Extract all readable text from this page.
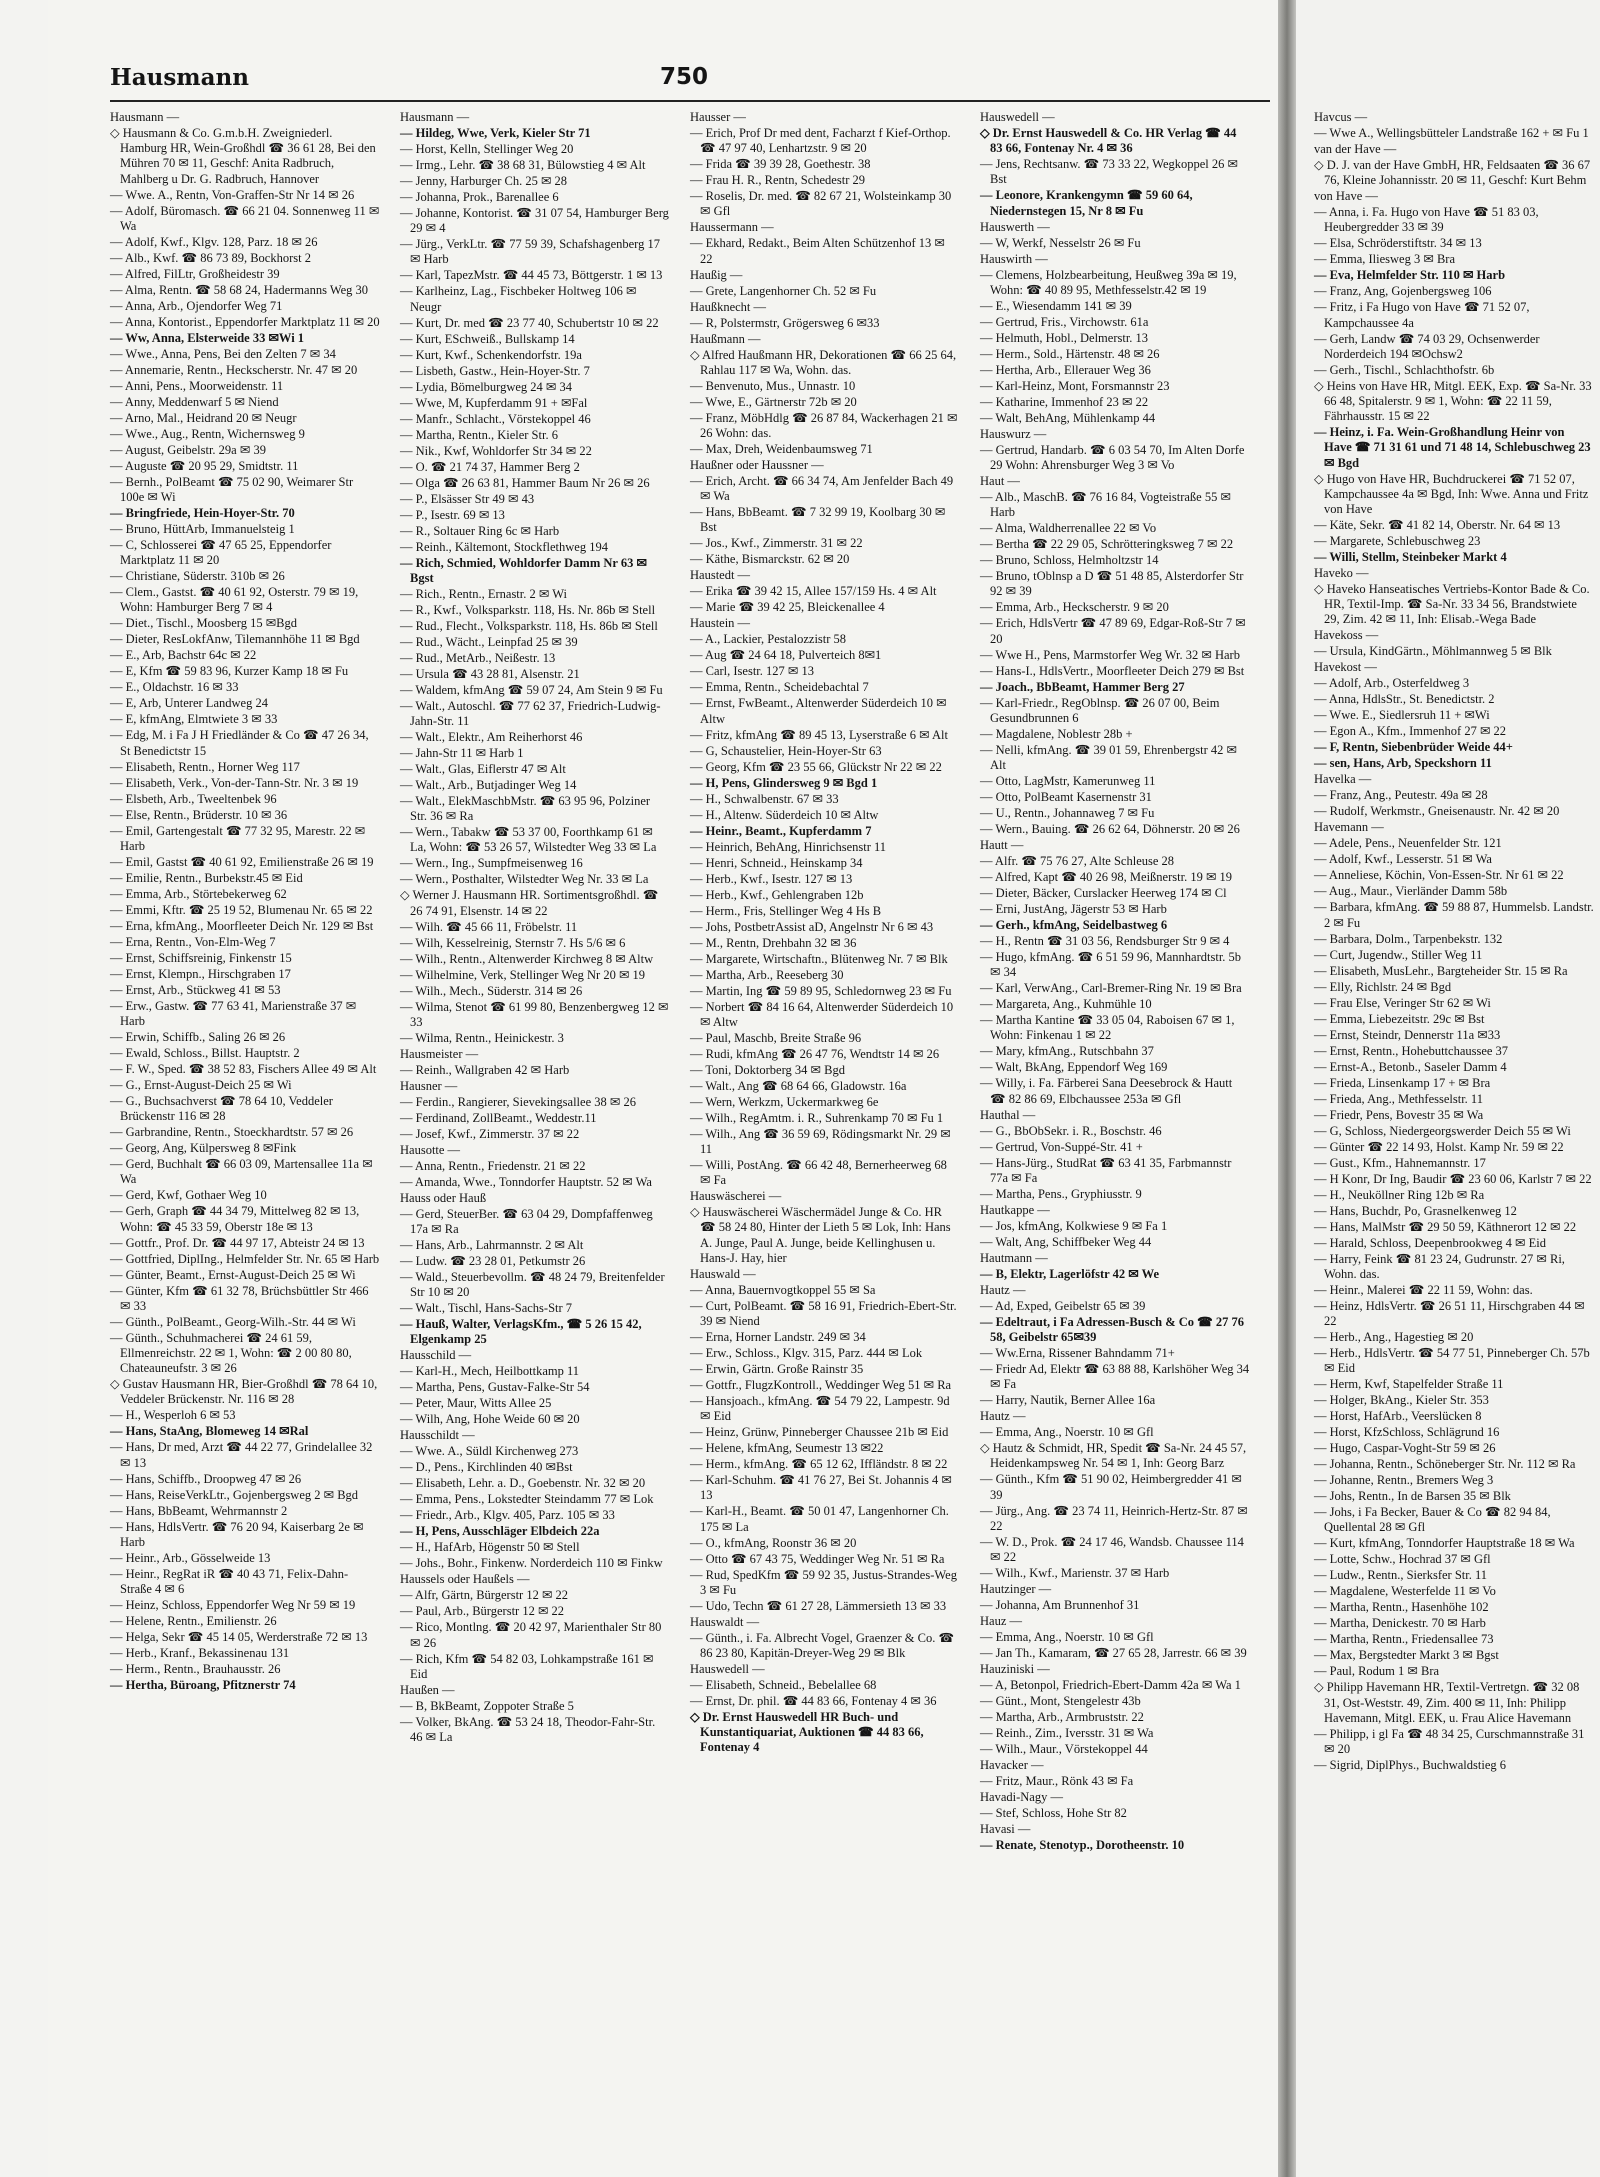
Hausmann	750
Hausmann —
◇ Hausmann & Co. G.m.b.H. Zweigniederl. Hamburg HR, Wein-Großhdl ☎ 36 61 28, Bei den Mühren 70 ✉ 11, Geschf: Anita Radbruch, Mahlberg u Dr. G. Radbruch, Hannover
— Wwe. A., Rentn, Von-Graffen-Str Nr 14 ✉ 26
— Adolf, Büromasch. ☎ 66 21 04. Sonnenweg 11 ✉ Wa
— Adolf, Kwf., Klgv. 128, Parz. 18 ✉ 26
— Alb., Kwf. ☎ 86 73 89, Bockhorst 2
— Alfred, FilLtr, Großheidestr 39
— Alma, Rentn. ☎ 58 68 24, Hadermanns Weg 30
— Anna, Arb., Ojendorfer Weg 71
— Anna, Kontorist., Eppendorfer Marktplatz 11 ✉ 20
— Ww, Anna, Elsterweide 33 ✉Wi 1
— Wwe., Anna, Pens, Bei den Zelten 7 ✉ 34
— Annemarie, Rentn., Heckscherstr. Nr. 47 ✉ 20
— Anni, Pens., Moorweidenstr. 11
— Anny, Meddenwarf 5 ✉ Niend
— Arno, Mal., Heidrand 20 ✉ Neugr
— Wwe., Aug., Rentn, Wichernsweg 9
— August, Geibelstr. 29a ✉ 39
— Auguste ☎ 20 95 29, Smidtstr. 11
— Bernh., PolBeamt ☎ 75 02 90, Weimarer Str 100e ✉ Wi
— Bringfriede, Hein-Hoyer-Str. 70
— Bruno, HüttArb, Immanuelsteig 1
— C, Schlosserei ☎ 47 65 25, Eppendorfer Marktplatz 11 ✉ 20
— Christiane, Süderstr. 310b ✉ 26
— Clem., Gastst. ☎ 40 61 92, Osterstr. 79 ✉ 19, Wohn: Hamburger Berg 7 ✉ 4
— Diet., Tischl., Moosberg 15 ✉Bgd
— Dieter, ResLokfAnw, Tilemannhöhe 11 ✉ Bgd
— E., Arb, Bachstr 64c ✉ 22
— E, Kfm ☎ 59 83 96, Kurzer Kamp 18 ✉ Fu
— E., Oldachstr. 16 ✉ 33
— E, Arb, Unterer Landweg 24
— E, kfmAng, Elmtwiete 3 ✉ 33
— Edg, M. i Fa J H Friedländer & Co ☎ 47 26 34, St Benedictstr 15
— Elisabeth, Rentn., Horner Weg 117
— Elisabeth, Verk., Von-der-Tann-Str. Nr. 3 ✉ 19
— Elsbeth, Arb., Tweeltenbek 96
— Else, Rentn., Brüderstr. 10 ✉ 36
— Emil, Gartengestalt ☎ 77 32 95, Marestr. 22 ✉ Harb
— Emil, Gastst ☎ 40 61 92, Emilienstraße 26 ✉ 19
— Emilie, Rentn., Burbekstr.45 ✉ Eid
— Emma, Arb., Störtebekerweg 62
— Emmi, Kftr. ☎ 25 19 52, Blumenau Nr. 65 ✉ 22
— Erna, kfmAng., Moorfleeter Deich Nr. 129 ✉ Bst
— Erna, Rentn., Von-Elm-Weg 7
— Ernst, Schiffsreinig, Finkenstr 15
— Ernst, Klempn., Hirschgraben 17
— Ernst, Arb., Stückweg 41 ✉ 53
— Erw., Gastw. ☎ 77 63 41, Marienstraße 37 ✉ Harb
— Erwin, Schiffb., Saling 26 ✉ 26
— Ewald, Schloss., Billst. Hauptstr. 2
— F. W., Sped. ☎ 38 52 83, Fischers Allee 49 ✉ Alt
— G., Ernst-August-Deich 25 ✉ Wi
— G., Buchsachverst ☎ 78 64 10, Veddeler Brückenstr 116 ✉ 28
— Garbrandine, Rentn., Stoeckhardtstr. 57 ✉ 26
— Georg, Ang, Külpersweg 8 ✉Fink
— Gerd, Buchhalt ☎ 66 03 09, Martensallee 11a ✉ Wa
— Gerd, Kwf, Gothaer Weg 10
— Gerh, Graph ☎ 44 34 79, Mittelweg 82 ✉ 13, Wohn: ☎ 45 33 59, Oberstr 18e ✉ 13
— Gottfr., Prof. Dr. ☎ 44 97 17, Abteistr 24 ✉ 13
— Gottfried, DiplIng., Helmfelder Str. Nr. 65 ✉ Harb
— Günter, Beamt., Ernst-August-Deich 25 ✉ Wi
— Günter, Kfm ☎ 61 32 78, Brüchsbüttler Str 466 ✉ 33
— Günth., PolBeamt., Georg-Wilh.-Str. 44 ✉ Wi
— Günth., Schuhmacherei ☎ 24 61 59, Ellmenreichstr. 22 ✉ 1, Wohn: ☎ 2 00 80 80, Chateauneufstr. 3 ✉ 26
◇ Gustav Hausmann HR, Bier-Großhdl ☎ 78 64 10, Veddeler Brückenstr. Nr. 116 ✉ 28
— H., Wesperloh 6 ✉ 53
— Hans, StaAng, Blomeweg 14 ✉Ral
— Hans, Dr med, Arzt ☎ 44 22 77, Grindelallee 32 ✉ 13
— Hans, Schiffb., Droopweg 47 ✉ 26
— Hans, ReiseVerkLtr., Gojenbergsweg 2 ✉ Bgd
— Hans, BbBeamt, Wehrmannstr 2
— Hans, HdlsVertr. ☎ 76 20 94, Kaiserbarg 2e ✉ Harb
— Heinr., Arb., Gösselweide 13
— Heinr., RegRat iR ☎ 40 43 71, Felix-Dahn-Straße 4 ✉ 6
— Heinz, Schloss, Eppendorfer Weg Nr 59 ✉ 19
— Helene, Rentn., Emilienstr. 26
— Helga, Sekr ☎ 45 14 05, Werderstraße 72 ✉ 13
— Herb., Kranf., Bekassinenau 131
— Herm., Rentn., Brauhausstr. 26
— Hertha, Büroang, Pfitznerstr 74
Hausmann —
— Hildeg, Wwe, Verk, Kieler Str 71
— Horst, Kelln, Stellinger Weg 20
— Irmg., Lehr. ☎ 38 68 31, Bülowstieg 4 ✉ Alt
— Jenny, Harburger Ch. 25 ✉ 28
— Johanna, Prok., Barenallee 6
— Johanne, Kontorist. ☎ 31 07 54, Hamburger Berg 29 ✉ 4
— Jürg., VerkLtr. ☎ 77 59 39, Schafshagenberg 17 ✉ Harb
— Karl, TapezMstr. ☎ 44 45 73, Böttgerstr. 1 ✉ 13
— Karlheinz, Lag., Fischbeker Holtweg 106 ✉ Neugr
— Kurt, Dr. med ☎ 23 77 40, Schubertstr 10 ✉ 22
— Kurt, ESchweiß., Bullskamp 14
— Kurt, Kwf., Schenkendorfstr. 19a
— Lisbeth, Gastw., Hein-Hoyer-Str. 7
— Lydia, Bömelburgweg 24 ✉ 34
— Wwe, M, Kupferdamm 91 + ✉Fal
— Manfr., Schlacht., Vörstekoppel 46
— Martha, Rentn., Kieler Str. 6
— Nik., Kwf, Wohldorfer Str 34 ✉ 22
— O. ☎ 21 74 37, Hammer Berg 2
— Olga ☎ 26 63 81, Hammer Baum Nr 26 ✉ 26
— P., Elsässer Str 49 ✉ 43
— P., Isestr. 69 ✉ 13
— R., Soltauer Ring 6c ✉ Harb
— Reinh., Kältemont, Stockflethweg 194
— Rich, Schmied, Wohldorfer Damm Nr 63 ✉ Bgst
— Rich., Rentn., Ernastr. 2 ✉ Wi
— R., Kwf., Volksparkstr. 118, Hs. Nr. 86b ✉ Stell
— Rud., Flecht., Volksparkstr. 118, Hs. 86b ✉ Stell
— Rud., Wächt., Leinpfad 25 ✉ 39
— Rud., MetArb., Neißestr. 13
— Ursula ☎ 43 28 81, Alsenstr. 21
— Waldem, kfmAng ☎ 59 07 24, Am Stein 9 ✉ Fu
— Walt., Autoschl. ☎ 77 62 37, Friedrich-Ludwig-Jahn-Str. 11
— Walt., Elektr., Am Reiherhorst 46
— Jahn-Str 11 ✉ Harb 1
— Walt., Glas, Eiflerstr 47 ✉ Alt
— Walt., Arb., Butjadinger Weg 14
— Walt., ElekMaschbMstr. ☎ 63 95 96, Polziner Str. 36 ✉ Ra
— Wern., Tabakw ☎ 53 37 00, Foorthkamp 61 ✉ La, Wohn: ☎ 53 26 57, Wilstedter Weg 33 ✉ La
— Wern., Ing., Sumpfmeisenweg 16
— Wern., Posthalter, Wilstedter Weg Nr. 33 ✉ La
◇ Werner J. Hausmann HR. Sortimentsgroßhdl. ☎ 26 74 91, Elsenstr. 14 ✉ 22
— Wilh. ☎ 45 66 11, Fröbelstr. 11
— Wilh, Kesselreinig, Sternstr 7. Hs 5/6 ✉ 6
— Wilh., Rentn., Altenwerder Kirchweg 8 ✉ Altw
— Wilhelmine, Verk, Stellinger Weg Nr 20 ✉ 19
— Wilh., Mech., Süderstr. 314 ✉ 26
— Wilma, Stenot ☎ 61 99 80, Benzenbergweg 12 ✉ 33
— Wilma, Rentn., Heinickestr. 3
Hausmeister —
— Reinh., Wallgraben 42 ✉ Harb
Hausner —
— Ferdin., Rangierer, Sievekingsallee 38 ✉ 26
— Ferdinand, ZollBeamt., Weddestr.11
— Josef, Kwf., Zimmerstr. 37 ✉ 22
Hausotte —
— Anna, Rentn., Friedenstr. 21 ✉ 22
— Amanda, Wwe., Tonndorfer Hauptstr. 52 ✉ Wa
Hauss oder Hauß
— Gerd, SteuerBer. ☎ 63 04 29, Dompfaffenweg 17a ✉ Ra
— Hans, Arb., Lahrmannstr. 2 ✉ Alt
— Ludw. ☎ 23 28 01, Petkumstr 26
— Wald., Steuerbevollm. ☎ 48 24 79, Breitenfelder Str 10 ✉ 20
— Walt., Tischl, Hans-Sachs-Str 7
— Hauß, Walter, VerlagsKfm., ☎ 5 26 15 42, Elgenkamp 25
Hausschild —
— Karl-H., Mech, Heilbottkamp 11
— Martha, Pens, Gustav-Falke-Str 54
— Peter, Maur, Witts Allee 25
— Wilh, Ang, Hohe Weide 60 ✉ 20
Hausschildt —
— Wwe. A., Süldl Kirchenweg 273
— D., Pens., Kirchlinden 40 ✉Bst
— Elisabeth, Lehr. a. D., Goebenstr. Nr. 32 ✉ 20
— Emma, Pens., Lokstedter Steindamm 77 ✉ Lok
— Friedr., Arb., Klgv. 405, Parz. 105 ✉ 33
— H, Pens, Ausschläger Elbdeich 22a
— H., HafArb, Högenstr 50 ✉ Stell
— Johs., Bohr., Finkenw. Norderdeich 110 ✉ Finkw
Haussels oder Haußels —
— Alfr, Gärtn, Bürgerstr 12 ✉ 22
— Paul, Arb., Bürgerstr 12 ✉ 22
— Rico, Montlng. ☎ 20 42 97, Marienthaler Str 80 ✉ 26
— Rich, Kfm ☎ 54 82 03, Lohkampstraße 161 ✉ Eid
Haußen —
— B, BkBeamt, Zoppoter Straße 5
— Volker, BkAng. ☎ 53 24 18, Theodor-Fahr-Str. 46 ✉ La
Hausser —
— Erich, Prof Dr med dent, Facharzt f Kief-Orthop. ☎ 47 97 40, Lenhartzstr. 9 ✉ 20
— Frida ☎ 39 39 28, Goethestr. 38
— Frau H. R., Rentn, Schedestr 29
— Roselis, Dr. med. ☎ 82 67 21, Wolsteinkamp 30 ✉ Gfl
Haussermann —
— Ekhard, Redakt., Beim Alten Schützenhof 13 ✉ 22
Haußig —
— Grete, Langenhorner Ch. 52 ✉ Fu
Haußknecht —
— R, Polstermstr, Grögersweg 6 ✉33
Haußmann —
◇ Alfred Haußmann HR, Dekorationen ☎ 66 25 64, Rahlau 117 ✉ Wa, Wohn. das.
— Benvenuto, Mus., Unnastr. 10
— Wwe, E., Gärtnerstr 72b ✉ 20
— Franz, MöbHdlg ☎ 26 87 84, Wackerhagen 21 ✉ 26 Wohn: das.
— Max, Dreh, Weidenbaumsweg 71
Haußner oder Haussner —
— Erich, Archt. ☎ 66 34 74, Am Jenfelder Bach 49 ✉ Wa
— Hans, BbBeamt. ☎ 7 32 99 19, Koolbarg 30 ✉ Bst
— Jos., Kwf., Zimmerstr. 31 ✉ 22
— Käthe, Bismarckstr. 62 ✉ 20
Haustedt —
— Erika ☎ 39 42 15, Allee 157/159 Hs. 4 ✉ Alt
— Marie ☎ 39 42 25, Bleickenallee 4
Haustein —
— A., Lackier, Pestalozzistr 58
— Aug ☎ 24 64 18, Pulverteich 8✉1
— Carl, Isestr. 127 ✉ 13
— Emma, Rentn., Scheidebachtal 7
— Ernst, FwBeamt., Altenwerder Süderdeich 10 ✉ Altw
— Fritz, kfmAng ☎ 89 45 13, Lyserstraße 6 ✉ Alt
— G, Schaustelier, Hein-Hoyer-Str 63
— Georg, Kfm ☎ 23 55 66, Glückstr Nr 22 ✉ 22
— H, Pens, Glindersweg 9 ✉ Bgd 1
— H., Schwalbenstr. 67 ✉ 33
— H., Altenw. Süderdeich 10 ✉ Altw
— Heinr., Beamt., Kupferdamm 7
— Heinrich, BehAng, Hinrichsenstr 11
— Henri, Schneid., Heinskamp 34
— Herb., Kwf., Isestr. 127 ✉ 13
— Herb., Kwf., Gehlengraben 12b
— Herm., Fris, Stellinger Weg 4 Hs B
— Johs, PostbetrAssist aD, Angelnstr Nr 6 ✉ 43
— M., Rentn, Drehbahn 32 ✉ 36
— Margarete, Wirtschaftn., Blütenweg Nr. 7 ✉ Blk
— Martha, Arb., Reeseberg 30
— Martin, Ing ☎ 59 89 95, Schledornweg 23 ✉ Fu
— Norbert ☎ 84 16 64, Altenwerder Süderdeich 10 ✉ Altw
— Paul, Maschb, Breite Straße 96
— Rudi, kfmAng ☎ 26 47 76, Wendtstr 14 ✉ 26
— Toni, Doktorberg 34 ✉ Bgd
— Walt., Ang ☎ 68 64 66, Gladowstr. 16a
— Wern, Werkzm, Uckermarkweg 6e
— Wilh., RegAmtm. i. R., Suhrenkamp 70 ✉ Fu 1
— Wilh., Ang ☎ 36 59 69, Rödingsmarkt Nr. 29 ✉ 11
— Willi, PostAng. ☎ 66 42 48, Bernerheerweg 68 ✉ Fa
Hauswäscherei —
◇ Hauswäscherei Wäschermädel Junge & Co. HR ☎ 58 24 80, Hinter der Lieth 5 ✉ Lok, Inh: Hans A. Junge, Paul A. Junge, beide Kellinghusen u. Hans-J. Hay, hier
Hauswald —
— Anna, Bauernvogtkoppel 55 ✉ Sa
— Curt, PolBeamt. ☎ 58 16 91, Friedrich-Ebert-Str. 39 ✉ Niend
— Erna, Horner Landstr. 249 ✉ 34
— Erw., Schloss., Klgv. 315, Parz. 444 ✉ Lok
— Erwin, Gärtn. Große Rainstr 35
— Gottfr., FlugzKontroll., Weddinger Weg 51 ✉ Ra
— Hansjoach., kfmAng. ☎ 54 79 22, Lampestr. 9d ✉ Eid
— Heinz, Grünw, Pinneberger Chaussee 21b ✉ Eid
— Helene, kfmAng, Seumestr 13 ✉22
— Herm., kfmAng. ☎ 65 12 62, Iffländstr. 8 ✉ 22
— Karl-Schuhm. ☎ 41 76 27, Bei St. Johannis 4 ✉ 13
— Karl-H., Beamt. ☎ 50 01 47, Langenhorner Ch. 175 ✉ La
— O., kfmAng, Roonstr 36 ✉ 20
— Otto ☎ 67 43 75, Weddinger Weg Nr. 51 ✉ Ra
— Rud, SpedKfm ☎ 59 92 35, Justus-Strandes-Weg 3 ✉ Fu
— Udo, Techn ☎ 61 27 28, Lämmersieth 13 ✉ 33
Hauswaldt —
— Günth., i. Fa. Albrecht Vogel, Graenzer & Co. ☎ 86 23 80, Kapitän-Dreyer-Weg 29 ✉ Blk
Hauswedell —
— Elisabeth, Schneid., Bebelallee 68
— Ernst, Dr. phil. ☎ 44 83 66, Fontenay 4 ✉ 36
◇ Dr. Ernst Hauswedell HR Buch- und Kunstantiquariat, Auktionen ☎ 44 83 66, Fontenay 4
Hauswedell —
◇ Dr. Ernst Hauswedell & Co. HR Verlag ☎ 44 83 66, Fontenay Nr. 4 ✉ 36
— Jens, Rechtsanw. ☎ 73 33 22, Wegkoppel 26 ✉ Bst
— Leonore, Krankengymn ☎ 59 60 64, Niedernstegen 15, Nr 8 ✉ Fu
Hauswerth —
— W, Werkf, Nesselstr 26 ✉ Fu
Hauswirth —
— Clemens, Holzbearbeitung, Heußweg 39a ✉ 19, Wohn: ☎ 40 89 95, Methfesselstr.42 ✉ 19
— E., Wiesendamm 141 ✉ 39
— Gertrud, Fris., Virchowstr. 61a
— Helmuth, Hobl., Delmerstr. 13
— Herm., Sold., Härtenstr. 48 ✉ 26
— Hertha, Arb., Ellerauer Weg 36
— Karl-Heinz, Mont, Forsmannstr 23
— Katharine, Immenhof 23 ✉ 22
— Walt, BehAng, Mühlenkamp 44
Hauswurz —
— Gertrud, Handarb. ☎ 6 03 54 70, Im Alten Dorfe 29 Wohn: Ahrensburger Weg 3 ✉ Vo
Haut —
— Alb., MaschB. ☎ 76 16 84, Vogteistraße 55 ✉ Harb
— Alma, Waldherrenallee 22 ✉ Vo
— Bertha ☎ 22 29 05, Schrötteringksweg 7 ✉ 22
— Bruno, Schloss, Helmholtzstr 14
— Bruno, tOblnsp a D ☎ 51 48 85, Alsterdorfer Str 92 ✉ 39
— Emma, Arb., Heckscherstr. 9 ✉ 20
— Erich, HdlsVertr ☎ 47 89 69, Edgar-Roß-Str 7 ✉ 20
— Wwe H., Pens, Marmstorfer Weg Wr. 32 ✉ Harb
— Hans-I., HdlsVertr., Moorfleeter Deich 279 ✉ Bst
— Joach., BbBeamt, Hammer Berg 27
— Karl-Friedr., RegOblnsp. ☎ 26 07 00, Beim Gesundbrunnen 6
— Magdalene, Noblestr 28b +
— Nelli, kfmAng. ☎ 39 01 59, Ehrenbergstr 42 ✉ Alt
— Otto, LagMstr, Kamerunweg 11
— Otto, PolBeamt Kasernenstr 31
— U., Rentn., Johannaweg 7 ✉ Fu
— Wern., Bauing. ☎ 26 62 64, Döhnerstr. 20 ✉ 26
Hautt —
— Alfr. ☎ 75 76 27, Alte Schleuse 28
— Alfred, Kapt ☎ 40 26 98, Meißnerstr. 19 ✉ 19
— Dieter, Bäcker, Curslacker Heerweg 174 ✉ Cl
— Erni, JustAng, Jägerstr 53 ✉ Harb
— Gerh., kfmAng, Seidelbastweg 6
— H., Rentn ☎ 31 03 56, Rendsburger Str 9 ✉ 4
— Hugo, kfmAng. ☎ 6 51 59 96, Mannhardtstr. 5b ✉ 34
— Karl, VerwAng., Carl-Bremer-Ring Nr. 19 ✉ Bra
— Margareta, Ang., Kuhmühle 10
— Martha Kantine ☎ 33 05 04, Raboisen 67 ✉ 1, Wohn: Finkenau 1 ✉ 22
— Mary, kfmAng., Rutschbahn 37
— Walt, BkAng, Eppendorf Weg 169
— Willy, i. Fa. Färberei Sana Deesebrock & Hautt ☎ 82 86 69, Elbchaussee 253a ✉ Gfl
Hauthal —
— G., BbObSekr. i. R., Boschstr. 46
— Gertrud, Von-Suppé-Str. 41 +
— Hans-Jürg., StudRat ☎ 63 41 35, Farbmannstr 77a ✉ Fa
— Martha, Pens., Gryphiusstr. 9
Hautkappe —
— Jos, kfmAng, Kolkwiese 9 ✉ Fa 1
— Walt, Ang, Schiffbeker Weg 44
Hautmann —
— B, Elektr, Lagerlöfstr 42 ✉ We
Hautz —
— Ad, Exped, Geibelstr 65 ✉ 39
— Edeltraut, i Fa Adressen-Busch & Co ☎ 27 76 58, Geibelstr 65✉39
— Ww.Erna, Rissener Bahndamm 71+
— Friedr Ad, Elektr ☎ 63 88 88, Karlshöher Weg 34 ✉ Fa
— Harry, Nautik, Berner Allee 16a
Hautz —
— Emma, Ang., Noerstr. 10 ✉ Gfl
◇ Hautz & Schmidt, HR, Spedit ☎ Sa-Nr. 24 45 57, Heidenkampsweg Nr. 54 ✉ 1, Inh: Georg Barz
— Günth., Kfm ☎ 51 90 02, Heimbergredder 41 ✉ 39
— Jürg., Ang. ☎ 23 74 11, Heinrich-Hertz-Str. 87 ✉ 22
— W. D., Prok. ☎ 24 17 46, Wandsb. Chaussee 114 ✉ 22
— Wilh., Kwf., Marienstr. 37 ✉ Harb
Hautzinger —
— Johanna, Am Brunnenhof 31
Hauz —
— Emma, Ang., Noerstr. 10 ✉ Gfl
— Jan Th., Kamaram, ☎ 27 65 28, Jarrestr. 66 ✉ 39
Hauziniski —
— A, Betonpol, Friedrich-Ebert-Damm 42a ✉ Wa 1
— Günt., Mont, Stengelestr 43b
— Martha, Arb., Armbruststr. 22
— Reinh., Zim., Iversstr. 31 ✉ Wa
— Wilh., Maur., Vörstekoppel 44
Havacker —
— Fritz, Maur., Rönk 43 ✉ Fa
Havadi-Nagy —
— Stef, Schloss, Hohe Str 82
Havasi —
— Renate, Stenotyp., Dorotheenstr. 10
Havcus —
— Wwe A., Wellingsbütteler Landstraße 162 + ✉ Fu 1
van der Have —
◇ D. J. van der Have GmbH, HR, Feldsaaten ☎ 36 67 76, Kleine Johannisstr. 20 ✉ 11, Geschf: Kurt Behm
von Have —
— Anna, i. Fa. Hugo von Have ☎ 51 83 03, Heubergredder 33 ✉ 39
— Elsa, Schröderstiftstr. 34 ✉ 13
— Emma, Iliesweg 3 ✉ Bra
— Eva, Helmfelder Str. 110 ✉ Harb
— Franz, Ang, Gojenbergsweg 106
— Fritz, i Fa Hugo von Have ☎ 71 52 07, Kampchaussee 4a
— Gerh, Landw ☎ 74 03 29, Ochsenwerder Norderdeich 194 ✉Ochsw2
— Gerh., Tischl., Schlachthofstr. 6b
◇ Heins von Have HR, Mitgl. EEK, Exp. ☎ Sa-Nr. 33 66 48, Spitalerstr. 9 ✉ 1, Wohn: ☎ 22 11 59, Fährhausstr. 15 ✉ 22
— Heinz, i. Fa. Wein-Großhandlung Heinr von Have ☎ 71 31 61 und 71 48 14, Schlebuschweg 23 ✉ Bgd
◇ Hugo von Have HR, Buchdruckerei ☎ 71 52 07, Kampchaussee 4a ✉ Bgd, Inh: Wwe. Anna und Fritz von Have
— Käte, Sekr. ☎ 41 82 14, Oberstr. Nr. 64 ✉ 13
— Margarete, Schlebuschweg 23
— Willi, Stellm, Steinbeker Markt 4
Haveko —
◇ Haveko Hanseatisches Vertriebs-Kontor Bade & Co. HR, Textil-Imp. ☎ Sa-Nr. 33 34 56, Brandstwiete 29, Zim. 42 ✉ 11, Inh: Elisab.-Wega Bade
Havekoss —
— Ursula, KindGärtn., Möhlmannweg 5 ✉ Blk
Havekost —
— Adolf, Arb., Osterfeldweg 3
— Anna, HdlsStr., St. Benedictstr. 2
— Wwe. E., Siedlersruh 11 + ✉Wi
— Egon A., Kfm., Immenhof 27 ✉ 22
— F, Rentn, Siebenbrüder Weide 44+
— sen, Hans, Arb, Speckshorn 11
Havelka —
— Franz, Ang., Peutestr. 49a ✉ 28
— Rudolf, Werkmstr., Gneisenaustr. Nr. 42 ✉ 20
Havemann —
— Adele, Pens., Neuenfelder Str. 121
— Adolf, Kwf., Lesserstr. 51 ✉ Wa
— Anneliese, Köchin, Von-Essen-Str. Nr 61 ✉ 22
— Aug., Maur., Vierländer Damm 58b
— Barbara, kfmAng. ☎ 59 88 87, Hummelsb. Landstr. 2 ✉ Fu
— Barbara, Dolm., Tarpenbekstr. 132
— Curt, Jugendw., Stiller Weg 11
— Elisabeth, MusLehr., Bargteheider Str. 15 ✉ Ra
— Elly, Richlstr. 24 ✉ Bgd
— Frau Else, Veringer Str 62 ✉ Wi
— Emma, Liebezeitstr. 29c ✉ Bst
— Ernst, Steindr, Dennerstr 11a ✉33
— Ernst, Rentn., Hohebuttchaussee 37
— Ernst-A., Betonb., Saseler Damm 4
— Frieda, Linsenkamp 17 + ✉ Bra
— Frieda, Ang., Methfesselstr. 11
— Friedr, Pens, Bovestr 35 ✉ Wa
— G, Schloss, Niedergeorgswerder Deich 55 ✉ Wi
— Günter ☎ 22 14 93, Holst. Kamp Nr. 59 ✉ 22
— Gust., Kfm., Hahnemannstr. 17
— H Konr, Dr Ing, Baudir ☎ 23 60 06, Karlstr 7 ✉ 22
— H., Neuköllner Ring 12b ✉ Ra
— Hans, Buchdr, Po, Grasnelkenweg 12
— Hans, MalMstr ☎ 29 50 59, Käthnerort 12 ✉ 22
— Harald, Schloss, Deepenbrookweg 4 ✉ Eid
— Harry, Feink ☎ 81 23 24, Gudrunstr. 27 ✉ Ri, Wohn. das.
— Heinr., Malerei ☎ 22 11 59, Wohn: das.
— Heinz, HdlsVertr. ☎ 26 51 11, Hirschgraben 44 ✉ 22
— Herb., Ang., Hagestieg ✉ 20
— Herb., HdlsVertr. ☎ 54 77 51, Pinneberger Ch. 57b ✉ Eid
— Herm, Kwf, Stapelfelder Straße 11
— Holger, BkAng., Kieler Str. 353
— Horst, HafArb., Veerslücken 8
— Horst, KfzSchloss, Schlägrund 16
— Hugo, Caspar-Voght-Str 59 ✉ 26
— Johanna, Rentn., Schöneberger Str. Nr. 112 ✉ Ra
— Johanne, Rentn., Bremers Weg 3
— Johs, Rentn., In de Barsen 35 ✉ Blk
— Johs, i Fa Becker, Bauer & Co ☎ 82 94 84, Quellental 28 ✉ Gfl
— Kurt, kfmAng, Tonndorfer Hauptstraße 18 ✉ Wa
— Lotte, Schw., Hochrad 37 ✉ Gfl
— Ludw., Rentn., Sierksfer Str. 11
— Magdalene, Westerfelde 11 ✉ Vo
— Martha, Rentn., Hasenhöhe 102
— Martha, Denickestr. 70 ✉ Harb
— Martha, Rentn., Friedensallee 73
— Max, Bergstedter Markt 3 ✉ Bgst
— Paul, Rodum 1 ✉ Bra
◇ Philipp Havemann HR, Textil-Vertretgn. ☎ 32 08 31, Ost-Weststr. 49, Zim. 400 ✉ 11, Inh: Philipp Havemann, Mitgl. EEK, u. Frau Alice Havemann
— Philipp, i gl Fa ☎ 48 34 25, Curschmannstraße 31 ✉ 20
— Sigrid, DiplPhys., Buchwaldstieg 6
